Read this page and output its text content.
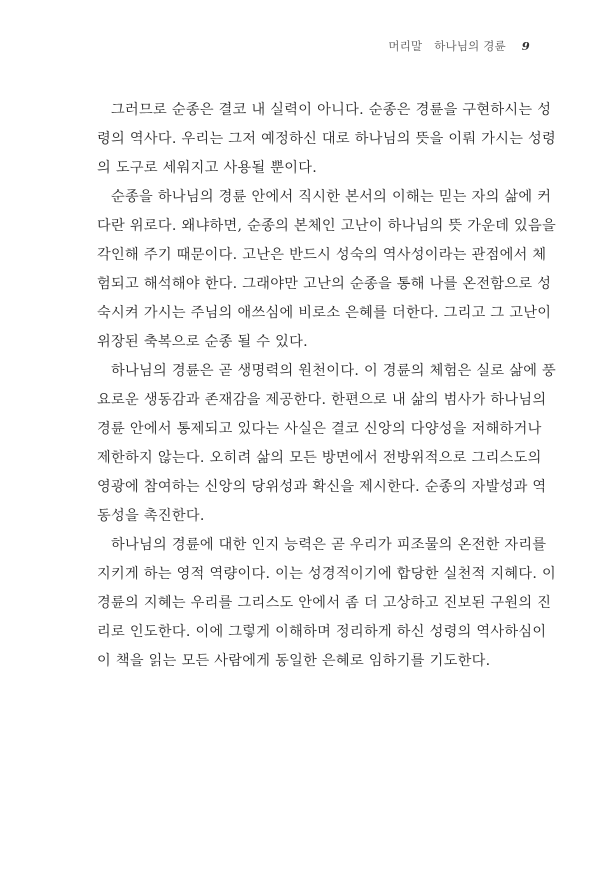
머리말 하나님의 경륜 9
그러므로 순종은 결코 내 실력이 아니다. 순종은 경륜을 구현하시는 성
령의 역사다. 우리는 그저 예정하신 대로 하나님의 뜻을 이뤄 가시는 성령
의 도구로 세워지고 사용될 뿐이다.
순종을 하나님의 경륜 안에서 직시한 본서의 이해는 믿는 자의 삶에 커
다란 위로다. 왜냐하면, 순종의 본체인 고난이 하나님의 뜻 가운데 있음을
각인해 주기 때문이다. 고난은 반드시 성숙의 역사성이라는 관점에서 체
험되고 해석해야 한다. 그래야만 고난의 순종을 통해 나를 온전함으로 성
숙시켜 가시는 주님의 애쓰심에 비로소 은혜를 더한다. 그리고 그 고난이
위장된 축복으로 순종 될 수 있다.
하나님의 경륜은 곧 생명력의 원천이다. 이 경륜의 체험은 실로 삶에 풍
요로운 생동감과 존재감을 제공한다. 한편으로 내 삶의 범사가 하나님의
경륜 안에서 통제되고 있다는 사실은 결코 신앙의 다양성을 저해하거나
제한하지 않는다. 오히려 삶의 모든 방면에서 전방위적으로 그리스도의
영광에 참여하는 신앙의 당위성과 확신을 제시한다. 순종의 자발성과 역
동성을 촉진한다.
하나님의 경륜에 대한 인지 능력은 곧 우리가 피조물의 온전한 자리를
지키게 하는 영적 역량이다. 이는 성경적이기에 합당한 실천적 지혜다. 이
경륜의 지혜는 우리를 그리스도 안에서 좀 더 고상하고 진보된 구원의 진
리로 인도한다. 이에 그렇게 이해하며 정리하게 하신 성령의 역사하심이
이 책을 읽는 모든 사람에게 동일한 은혜로 임하기를 기도한다.
